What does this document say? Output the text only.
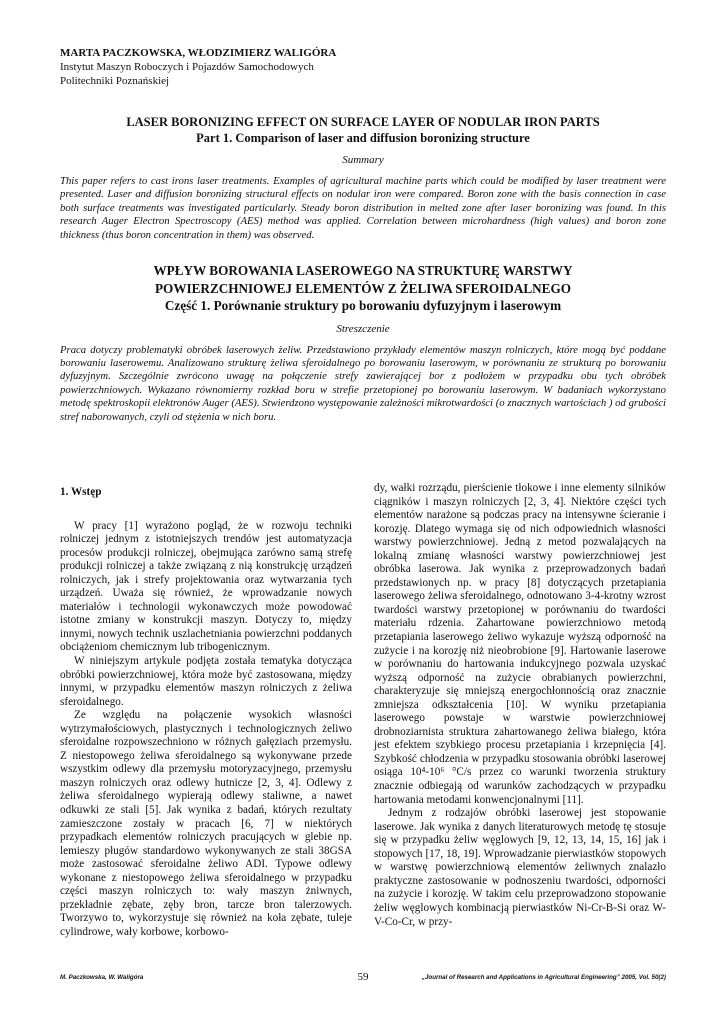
MARTA PACZKOWSKA, WŁODZIMIERZ WALIGÓRA

Instytut Maszyn Roboczych i Pojazdów Samochodowych

Politechniki Poznańskiej

LASER BORONIZING EFFECT ON SURFACE LAYER OF NODULAR IRON PARTS

Part 1. Comparison of laser and diffusion boronizing structure

Summary

This paper refers to cast irons laser treatments. Examples of agricultural machine parts which could be modified by laser treatment were presented. Laser and diffusion boronizing structural effects on nodular iron were compared. Boron zone with the basis connection in case both surface treatments was investigated particularly. Steady boron distribution in melted zone after laser boronizing was found. In this research Auger Electron Spectroscopy (AES) method was applied. Correlation between microhardness (high values) and boron zone thickness (thus boron concentration in them) was observed.

WPŁYW BOROWANIA LASEROWEGO NA STRUKTURĘ WARSTWY

POWIERZCHNIOWEJ ELEMENTÓW Z ŻELIWA SFEROIDALNEGO

Część 1. Porównanie struktury po borowaniu dyfuzyjnym i laserowym

Streszczenie

Praca dotyczy problematyki obróbek laserowych żeliw. Przedstawiono przykłady elementów maszyn rolniczych, które mogą być poddane borowaniu laserowemu. Analizowano strukturę żeliwa sferoidalnego po borowaniu laserowym, w porównaniu ze strukturą po borowaniu dyfuzyjnym. Szczególnie zwrócono uwagę na połączenie strefy zawierającej bor z podłożem w przypadku obu tych obróbek powierzchniowych. Wykazano równomierny rozkład boru w strefie przetopionej po borowaniu laserowym. W badaniach wykorzystano metodę spektroskopii elektronów Auger (AES). Stwierdzono występowanie zależności mikrotwardości (o znacznych wartościach ) od grubości stref naborowanych, czyli od stężenia w nich boru.

1. Wstęp

W pracy [1] wyrażono pogląd, że w rozwoju techniki rolniczej jednym z istotniejszych trendów jest automatyzacja procesów produkcji rolniczej, obejmująca zarówno samą strefę produkcji rolniczej a także związaną z nią konstrukcję urządzeń rolniczych, jak i strefy projektowania oraz wytwarzania tych urządzeń. Uważa się również, że wprowadzanie nowych materiałów i technologii wykonawczych może powodować istotne zmiany w konstrukcji maszyn. Dotyczy to, między innymi, nowych technik uszlachetniania powierzchni poddanych obciążeniom chemicznym lub tribogenicznym.

W niniejszym artykule podjęta została tematyka dotycząca obróbki powierzchniowej, która może być zastosowana, między innymi, w przypadku elementów maszyn rolniczych z żeliwa sferoidalnego.

Ze względu na połączenie wysokich własności wytrzymałościowych, plastycznych i technologicznych żeliwo sferoidalne rozpowszechniono w różnych gałęziach przemysłu. Z niestopowego żeliwa sferoidalnego są wykonywane przede wszystkim odlewy dla przemysłu motoryzacyjnego, przemysłu maszyn rolniczych oraz odlewy hutnicze [2, 3, 4]. Odlewy z żeliwa sferoidalnego wypierają odlewy staliwne, a nawet odkuwki ze stali [5]. Jak wynika z badań, których rezultaty zamieszczone zostały w pracach [6, 7] w niektórych przypadkach elementów rolniczych pracujących w glebie np. lemieszy pługów standardowo wykonywanych ze stali 38GSA może zastosować sferoidalne żeliwo ADI. Typowe odlewy wykonane z niestopowego żeliwa sferoidalnego w przypadku części maszyn rolniczych to: wały maszyn żniwnych, przekładnie zębate, zęby bron, tarcze bron talerzowych. Tworzywo to, wykorzystuje się również na koła zębate, tuleje cylindrowe, wały korbowe, korbowo-

dy, wałki rozrządu, pierścienie tłokowe i inne elementy silników ciągników i maszyn rolniczych [2, 3, 4]. Niektóre części tych elementów narażone są podczas pracy na intensywne ścieranie i korozję. Dlatego wymaga się od nich odpowiednich własności warstwy powierzchniowej. Jedną z metod pozwalających na lokalną zmianę własności warstwy powierzchniowej jest obróbka laserowa. Jak wynika z przeprowadzonych badań przedstawionych np. w pracy [8] dotyczących przetapiania laserowego żeliwa sferoidalnego, odnotowano 3-4-krotny wzrost twardości warstwy przetopionej w porównaniu do twardości materiału rdzenia. Zahartowane powierzchniowo metodą przetapiania laserowego żeliwo wykazuje wyższą odporność na zużycie i na korozję niż nieobrobione [9]. Hartowanie laserowe w porównaniu do hartowania indukcyjnego pozwala uzyskać wyższą odporność na zużycie obrabianych powierzchni, charakteryzuje się mniejszą energochłonnością oraz znacznie zmniejsza odkształcenia [10]. W wyniku przetapiania laserowego powstaje w warstwie powierzchniowej drobnoziarnista struktura zahartowanego żeliwa białego, która jest efektem szybkiego procesu przetapiania i krzepnięcia [4]. Szybkość chłodzenia w przypadku stosowania obróbki laserowej osiąga 10⁴-10⁶ °C/s przez co warunki tworzenia struktury znacznie odbiegają od warunków zachodzących w przypadku hartowania metodami konwencjonalnymi [11].

Jednym z rodzajów obróbki laserowej jest stopowanie laserowe. Jak wynika z danych literaturowych metodę tę stosuje się w przypadku żeliw węglowych [9, 12, 13, 14, 15, 16] jak i stopowych [17, 18, 19]. Wprowadzanie pierwiastków stopowych w warstwę powierzchniową elementów żeliwnych znalazło praktyczne zastosowanie w podnoszeniu twardości, odporności na zużycie i korozję. W takim celu przeprowadzono stopowanie żeliw węglowych kombinacją pierwiastków Ni-Cr-B-Si oraz W-V-Co-Cr, w przy-

M. Paczkowska, W. Waligóra	59	„Journal of Research and Applications in Agricultural Engineering” 2005, Vol. 50(2)
